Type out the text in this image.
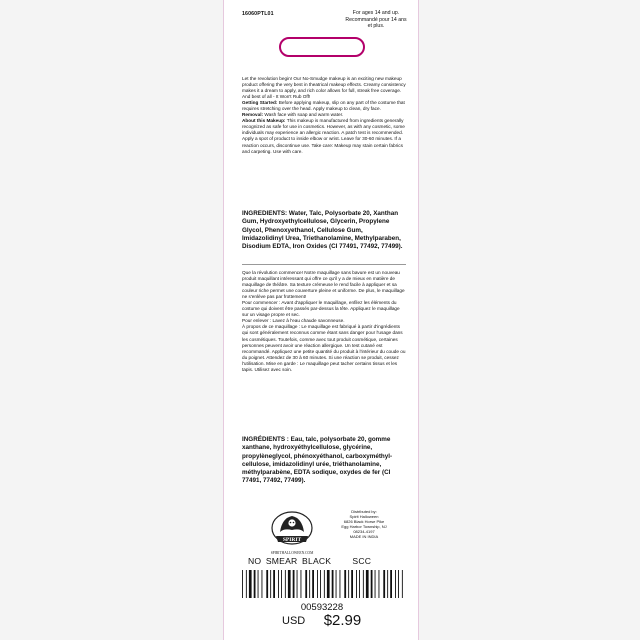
16060PTL01	For ages 14 and up.
Recommandé pour 14 ans et plus.

Let the revolution begin! Our No-Smudge makeup is an exciting new makeup product offering the very best in theatrical makeup effects. Creamy consistency makes it a dream to apply, and rich color allows for full, streak free coverage. And best of all - It Won't Rub Off!

Getting Started: Before applying makeup, slip on any part of the costume that requires stretching over the head. Apply makeup to clean, dry face.

Removal: Wash face with soap and warm water.

About this Makeup: This makeup is manufactured from ingredients generally recognized as safe for use in cosmetics. However, as with any cosmetic, some individuals may experience an allergic reaction. A patch test is recommended. Apply a spot of product to inside elbow or wrist. Leave for 30-60 minutes. If a reaction occurs, discontinue use. Take care: Makeup may stain certain fabrics and carpeting. Use with care.

INGREDIENTS: Water, Talc, Polysorbate 20, Xanthan Gum, Hydroxyethylcellulose, Glycerin, Propylene Glycol, Phenoxyethanol, Cellulose Gum, Imidazolidinyl Urea, Triethanolamine, Methylparaben, Disodium EDTA, Iron Oxides (CI 77491, 77492, 77499).

Que la révolution commence! Notre maquillage sans bavure est un nouveau produit maquillant intéressant qui offre ce qu'il y a de mieux en matière de maquillage de théâtre. Sa texture crémeuse le rend facile à appliquer et sa couleur riche permet une couverture pleine et uniforme. De plus, le maquillage ne s'enlève pas par frottement!

Pour commencer : Avant d'appliquer le maquillage, enfilez les éléments du costume qui doivent être passés par-dessus la tête. Appliquez le maquillage sur un visage propre et sec.

Pour enlever : Lavez à l'eau chaude savonneuse.

À propos de ce maquillage : Le maquillage est fabriqué à partir d'ingrédients qui sont généralement reconnus comme étant sans danger pour l'usage dans les cosmétiques. Toutefois, comme avec tout produit cosmétique, certaines personnes peuvent avoir une réaction allergique. Un test cutané est recommandé. Appliquez une petite quantité du produit à l'intérieur du coude ou du poignet. Attendez de 30 à 60 minutes. Si une réaction se produit, cessez l'utilisation. Mise en garde : Le maquillage peut tacher certains tissus et les tapis. Utilisez avec soin.

INGRÉDIENTS : Eau, talc, polysorbate 20, gomme xanthane, hydroxyéthylcellulose, glycérine, propylèneglycol, phénoxyéthanol, carboxyméthyl-cellulose, imidazolidinyl urée, triéthanolamine, méthylparabène, EDTA sodique, oxydes de fer (CI 77491, 77492, 77499).
SPIRIT
SPIRITHALLOWEEN.COM
Distributed by:
Spirit Halloween
6826 Black Horse Pike
Egg Harbor Township, NJ
08234-4197
MADE IN INDIA
NO SMEAR BLACK SCC
00593228
USD $2.99
